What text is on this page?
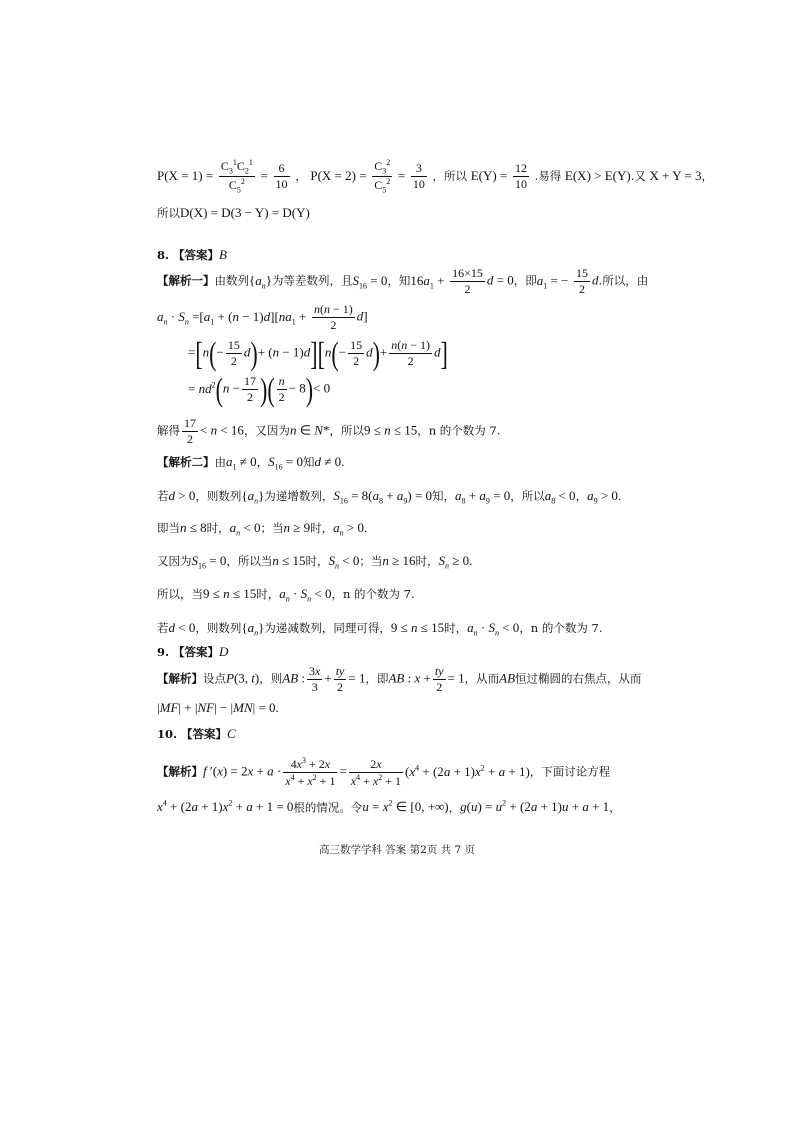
$P(X = 1) = \frac{C_3^1C_2^1}{C_5^2} = \frac{6}{10}$ ， $P(X = 2) = \frac{C_3^2}{C_5^2} = \frac{3}{10}$ ，所以 $E(Y) = \frac{12}{10}$ .易得 E(X) > E(Y).又 X + Y = 3，
所以D(X) = D(3 − Y) = D(Y)
8. 【答案】B
【解析一】由数列$\{a_n\}$为等差数列，且$S_{16} = 0$，知$16a_1 + \frac{16\times 15}{2}$ d = 0，即$a_1$ = − $\frac{15}{2} d$.所以，由
$a_n \cdot S_n =[a_1 + (n - 1)d][na_1 + \frac{n(n - 1)}{2} d]$
$=[n(- \frac{15}{2} d)+ (n - 1)d][n(- \frac{15}{2} d)+ \frac{n(n - 1)}{2} d]$
= $nd^2(n - \frac{17}{2}$ )( $\frac{n}{2} - 8)< 0$
解得 $\frac{17}{2} < n < 16$，又因为n ∈ N*，所以9 ≤ n ≤ 15，n 的个数为 7.
【解析二】由$a_1 \ne 0$，$S_{16} = 0$知d ≠ 0.
若d > 0，则数列$\{a_n\}$为递增数列，$S_{16} = 8(a_8 + a_9) = 0$知，$a_8 + a_9 = 0$，所以$a_8 < 0$，$a_9 > 0$.
即当n ≤ 8时，$a_n < 0$；当n ≥ 9时，$a_n > 0$.
又因为$S_{16} = 0$，所以当n ≤ 15时，$S_n < 0$；当n ≥ 16时，$S_n \ge 0$.
所以，当9 ≤ n ≤ 15时，$a_n \cdot S_n < 0$，n 的个数为 7.
若d < 0，则数列$\{a_n\}$为递减数列，同理可得，9 ≤ n ≤ 15时，$a_n \cdot S_n < 0$，n 的个数为 7.
9. 【答案】D
【解析】设点P(3, t)，则AB : $\frac{3x}{3} + \frac{ty}{2} = 1$，即AB : $x + \frac{ty}{2} = 1$，从而AB恒过椭圆的右焦点，从而
|MF| + |NF| − |MN| = 0.
10. 【答案】C
【解析】f $'(x) = 2x + a \cdot \frac{4x^3 + 2x}{x^4 + x^2 + 1} = \frac{2x}{x^4 + x^2 + 1} (x^4 + (2a + 1)x^2 + a + 1)$，下面讨论方程
$x^4 + (2a + 1)x^2 + a + 1 = 0$根的情况。令$u = x^2$ ∈ [0, +∞)，$g(u) = u^2 + (2a + 1)u + a + 1$，
高三数学学科 答案 第2页 共 7 页
